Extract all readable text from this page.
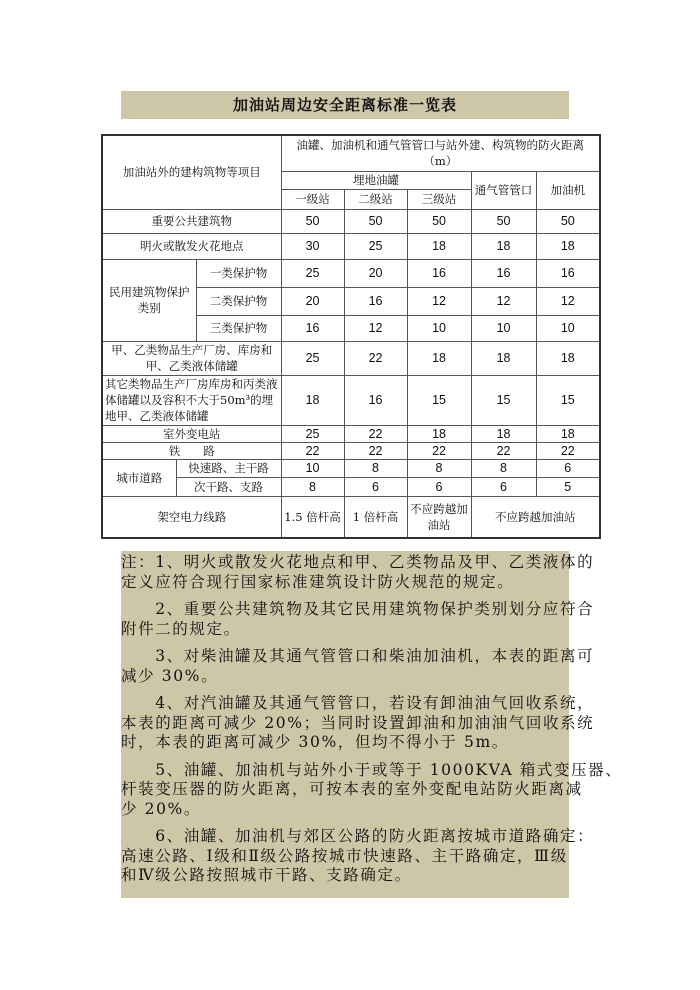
加油站周边安全距离标准一览表
加油站外的建构筑物等项目			油罐、加油机和通气管管口与站外建、构筑物的防火距离（m）				
			埋地油罐			通气管管口	加油机
			一级站	二级站	三级站		
重要公共建筑物			50	50	50	50	50
明火或散发火花地点			30	25	18	18	18
民用建筑物保护类别		一类保护物	25	20	16	16	16
		二类保护物	20	16	12	12	12
		三类保护物	16	12	10	10	10
甲、乙类物品生产厂房、库房和甲、乙类液体储罐			25	22	18	18	18
其它类物品生产厂房库房和丙类液体储罐以及容积不大于50m³的埋地甲、乙类液体储罐			18	16	15	15	15
室外变电站			25	22	18	18	18
铁　　路			22	22	22	22	22
城市道路	快速路、主干路		10	8	8	8	6
	次干路、支路		8	6	6	6	5
架空电力线路			1.5 倍杆高	1 倍杆高	不应跨越加油站	不应跨越加油站	

注：1、明火或散发火花地点和甲、乙类物品及甲、乙类液体的
定义应符合现行国家标准建筑设计防火规范的规定。

　　2、重要公共建筑物及其它民用建筑物保护类别划分应符合
附件二的规定。

　　3、对柴油罐及其通气管管口和柴油加油机，本表的距离可
减少 30%。

　　4、对汽油罐及其通气管管口，若设有卸油油气回收系统，
本表的距离可减少 20%；当同时设置卸油和加油油气回收系统
时，本表的距离可减少 30%，但均不得小于 5m。

　　5、油罐、加油机与站外小于或等于 1000KVA 箱式变压器、
杆装变压器的防火距离，可按本表的室外变配电站防火距离减
少 20%。

　　6、油罐、加油机与郊区公路的防火距离按城市道路确定：
高速公路、Ⅰ级和Ⅱ级公路按城市快速路、主干路确定，Ⅲ级
和Ⅳ级公路按照城市干路、支路确定。
